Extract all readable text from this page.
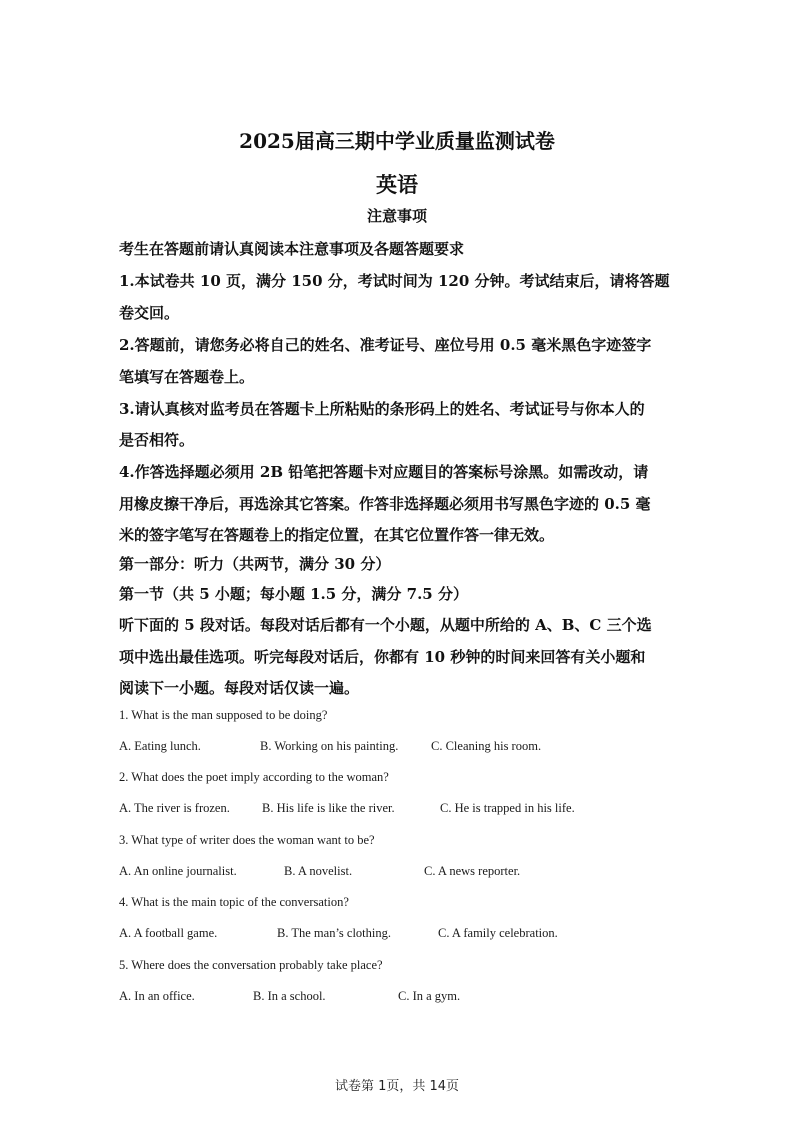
2025届高三期中学业质量监测试卷
英语
注意事项
考生在答题前请认真阅读本注意事项及各题答题要求
1.本试卷共 10 页，满分 150 分，考试时间为 120 分钟。考试结束后，请将答题
卷交回。
2.答题前，请您务必将自己的姓名、准考证号、座位号用 0.5 毫米黑色字迹签字
笔填写在答题卷上。
3.请认真核对监考员在答题卡上所粘贴的条形码上的姓名、考试证号与你本人的
是否相符。
4.作答选择题必须用 2B 铅笔把答题卡对应题目的答案标号涂黑。如需改动，请
用橡皮擦干净后，再选涂其它答案。作答非选择题必须用书写黑色字迹的 0.5 毫
米的签字笔写在答题卷上的指定位置，在其它位置作答一律无效。
第一部分：听力（共两节，满分 30 分）
第一节（共 5 小题；每小题 1.5 分，满分 7.5 分）
听下面的 5 段对话。每段对话后都有一个小题，从题中所给的 A、B、C 三个选
项中选出最佳选项。听完每段对话后，你都有 10 秒钟的时间来回答有关小题和
阅读下一小题。每段对话仅读一遍。
1. What is the man supposed to be doing?
A. Eating lunch.	B. Working on his painting.	C. Cleaning his room.
2. What does the poet imply according to the woman?
A. The river is frozen.	B. His life is like the river.	C. He is trapped in his life.
3. What type of writer does the woman want to be?
A. An online journalist.	B. A novelist.	C. A news reporter.
4. What is the main topic of the conversation?
A. A football game.	B. The man’s clothing.	C. A family celebration.
5. Where does the conversation probably take place?
A. In an office.	B. In a school.	C. In a gym.
试卷第 1页，共 14页
